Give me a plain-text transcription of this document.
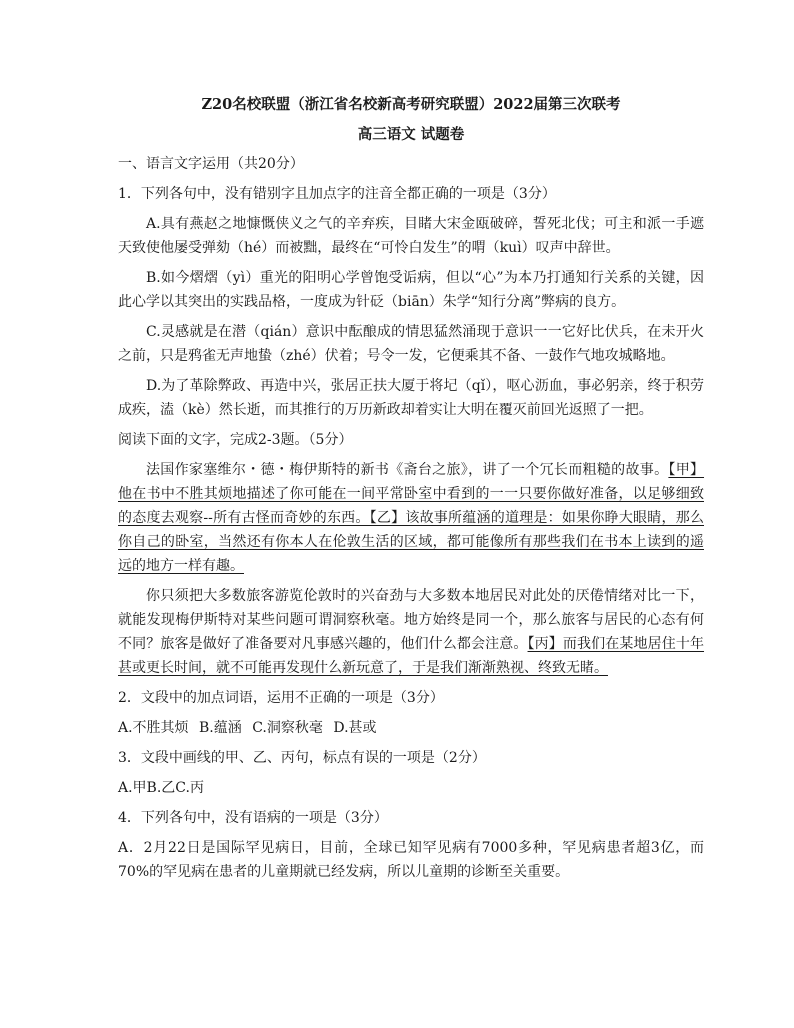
Z20名校联盟（浙江省名校新高考研究联盟）2022届第三次联考
高三语文 试题卷
一、语言文字运用（共20分）
1．下列各句中，没有错别字且加点字的注音全都正确的一项是（3分）
A.具有燕赵之地慷慨侠义之气的辛弃疾，目睹大宋金瓯破碎，誓死北伐；可主和派一手遮天致使他屡受弹劾（hé）而被黜，最终在“可怜白发生”的喟（kuì）叹声中辞世。
B.如今熠熠（yì）重光的阳明心学曾饱受诟病，但以“心”为本乃打通知行关系的关键，因此心学以其突出的实践品格，一度成为针砭（biān）朱学“知行分离”弊病的良方。
C.灵感就是在潜（qián）意识中酝酿成的情思猛然涌现于意识一一它好比伏兵，在未开火之前，只是鸦雀无声地蛰（zhé）伏着；号令一发，它便乘其不备、一鼓作气地攻城略地。
D.为了革除弊政、再造中兴，张居正扶大厦于将圮（qǐ），呕心沥血，事必躬亲，终于积劳成疾，溘（kè）然长逝，而其推行的万历新政却着实让大明在覆灭前回光返照了一把。
阅读下面的文字，完成2-3题。（5分）
法国作家塞维尔・德・梅伊斯特的新书《斋台之旅》，讲了一个冗长而粗糙的故事。【甲】他在书中不胜其烦地描述了你可能在一间平常卧室中看到的一一只要你做好准备，以足够细致的态度去观察--所有古怪而奇妙的东西。【乙】该故事所蕴涵的道理是：如果你睁大眼睛，那么你自己的卧室，当然还有你本人在伦敦生活的区域，都可能像所有那些我们在书本上读到的遥远的地方一样有趣。
你只须把大多数旅客游览伦敦时的兴奋劲与大多数本地居民对此处的厌倦情绪对比一下，就能发现梅伊斯特对某些问题可谓洞察秋毫。地方始终是同一个，那么旅客与居民的心态有何不同？旅客是做好了准备要对凡事感兴趣的，他们什么都会注意。【丙】而我们在某地居住十年甚或更长时间，就不可能再发现什么新玩意了，于是我们渐渐熟视、终致无睹。
2．文段中的加点词语，运用不正确的一项是（3分）
A.不胜其烦 B.蕴涵 C.洞察秋毫 D.甚或
3．文段中画线的甲、乙、丙句，标点有误的一项是（2分）
A.甲B.乙C.丙
4．下列各句中，没有语病的一项是（3分）
A．2月22日是国际罕见病日，目前，全球已知罕见病有7000多种，罕见病患者超3亿，而70%的罕见病在患者的儿童期就已经发病，所以儿童期的诊断至关重要。
